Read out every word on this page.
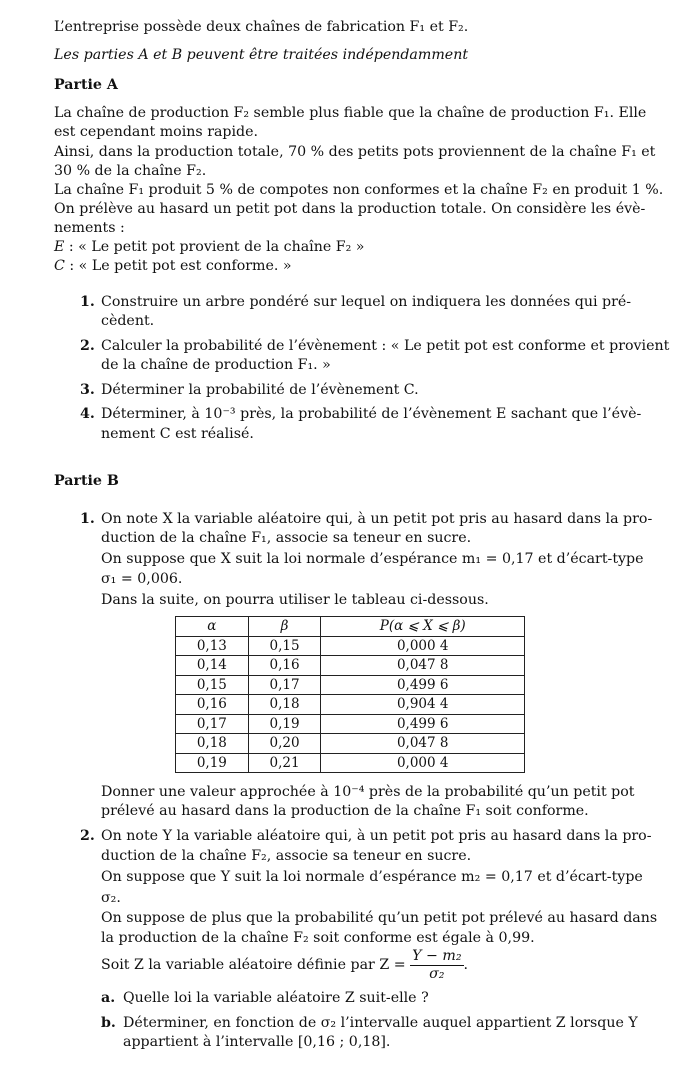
L’entreprise possède deux chaînes de fabrication F₁ et F₂.
Les parties A et B peuvent être traitées indépendamment
Partie A
La chaîne de production F₂ semble plus fiable que la chaîne de production F₁. Elle
est cependant moins rapide.
Ainsi, dans la production totale, 70 % des petits pots proviennent de la chaîne F₁ et
30 % de la chaîne F₂.
La chaîne F₁ produit 5 % de compotes non conformes et la chaîne F₂ en produit 1 %.
On prélève au hasard un petit pot dans la production totale. On considère les évè-
nements :
E : « Le petit pot provient de la chaîne F₂ »
C : « Le petit pot est conforme. »
1. Construire un arbre pondéré sur lequel on indiquera les données qui pré-
cèdent.
2. Calculer la probabilité de l’évènement : « Le petit pot est conforme et provient
de la chaîne de production F₁. »
3. Déterminer la probabilité de l’évènement C.
4. Déterminer, à 10⁻³ près, la probabilité de l’évènement E sachant que l’évè-
nement C est réalisé.
Partie B
1. On note X la variable aléatoire qui, à un petit pot pris au hasard dans la pro-
duction de la chaîne F₁, associe sa teneur en sucre.
On suppose que X suit la loi normale d’espérance m₁ = 0,17 et d’écart-type
σ₁ = 0,006.
Dans la suite, on pourra utiliser le tableau ci-dessous.
α	β	P(α ⩽ X ⩽ β)
0,13	0,15	0,000 4
0,14	0,16	0,047 8
0,15	0,17	0,499 6
0,16	0,18	0,904 4
0,17	0,19	0,499 6
0,18	0,20	0,047 8
0,19	0,21	0,000 4
Donner une valeur approchée à 10⁻⁴ près de la probabilité qu’un petit pot
prélevé au hasard dans la production de la chaîne F₁ soit conforme.
2. On note Y la variable aléatoire qui, à un petit pot pris au hasard dans la pro-
duction de la chaîne F₂, associe sa teneur en sucre.
On suppose que Y suit la loi normale d’espérance m₂ = 0,17 et d’écart-type
σ₂.
On suppose de plus que la probabilité qu’un petit pot prélevé au hasard dans
la production de la chaîne F₂ soit conforme est égale à 0,99.
Soit Z la variable aléatoire définie par $Z = \frac{\text{Y − m₂}}{\text{σ₂}}$ .
a. Quelle loi la variable aléatoire Z suit-elle ?
b. Déterminer, en fonction de σ₂ l’intervalle auquel appartient Z lorsque Y
appartient à l’intervalle [0,16 ; 0,18].
